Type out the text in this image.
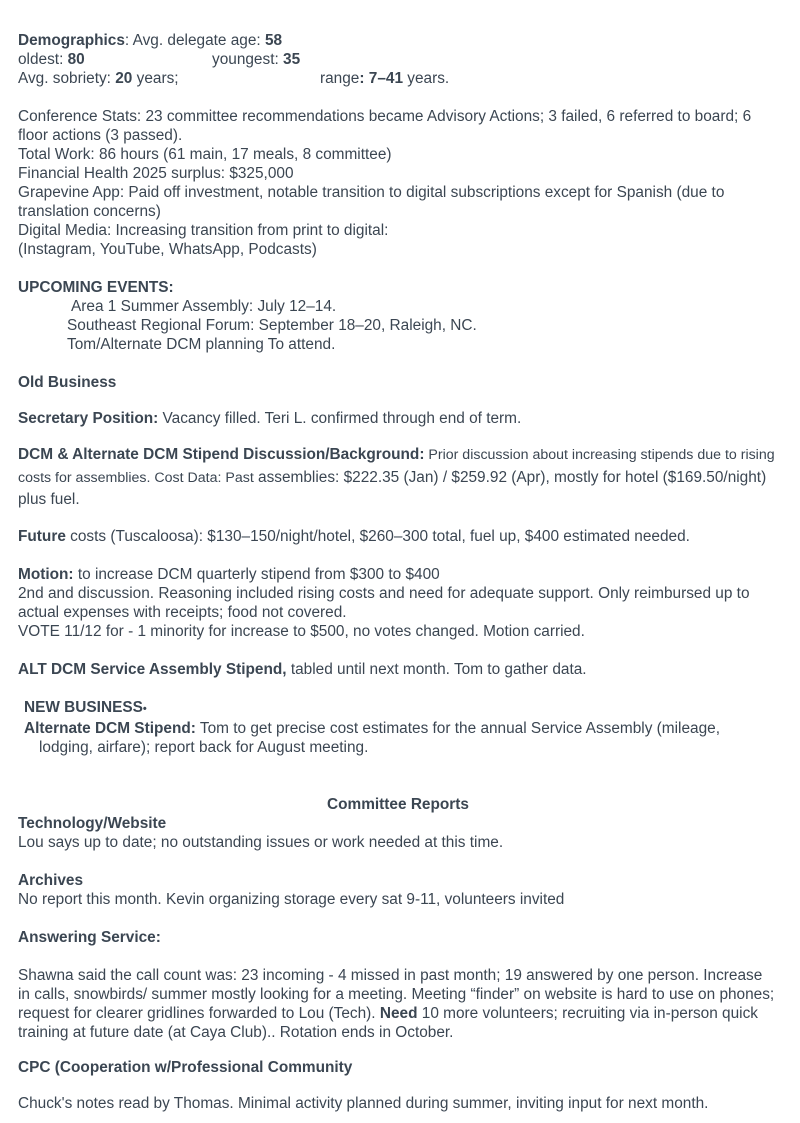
Demographics: Avg. delegate age: 58
oldest: 80	youngest: 35
Avg. sobriety: 20 years;	range: 7–41 years.
Conference Stats: 23 committee recommendations became Advisory Actions; 3 failed, 6 referred to board; 6 floor actions (3 passed).
Total Work: 86 hours (61 main, 17 meals, 8 committee)
Financial Health 2025 surplus: $325,000
Grapevine App: Paid off investment, notable transition to digital subscriptions except for Spanish (due to translation concerns)
Digital Media: Increasing transition from print to digital:
(Instagram, YouTube, WhatsApp, Podcasts)
UPCOMING EVENTS:
Area 1 Summer Assembly: July 12–14.
Southeast Regional Forum: September 18–20, Raleigh, NC.
Tom/Alternate DCM planning To attend.
Old Business
Secretary Position: Vacancy filled. Teri L. confirmed through end of term.
DCM & Alternate DCM Stipend Discussion/Background: Prior discussion about increasing stipends due to rising costs for assemblies. Cost Data: Past assemblies: $222.35 (Jan) / $259.92 (Apr), mostly for hotel ($169.50/night) plus fuel.
Future costs (Tuscaloosa): $130–150/night/hotel, $260–300 total, fuel up, $400 estimated needed.
Motion: to increase DCM quarterly stipend from $300 to $400
2nd and discussion. Reasoning included rising costs and need for adequate support. Only reimbursed up to actual expenses with receipts; food not covered.
VOTE 11/12 for - 1 minority for increase to $500, no votes changed. Motion carried.
ALT DCM Service Assembly Stipend, tabled until next month. Tom to gather data.
NEW BUSINESS•
Alternate DCM Stipend: Tom to get precise cost estimates for the annual Service Assembly (mileage,
lodging, airfare); report back for August meeting.
Committee Reports
Technology/Website
Lou says up to date; no outstanding issues or work needed at this time.
Archives
No report this month. Kevin organizing storage every sat 9-11, volunteers invited
Answering Service:
Shawna said the call count was: 23 incoming - 4 missed in past month; 19 answered by one person. Increase in calls, snowbirds/ summer mostly looking for a meeting. Meeting “finder” on website is hard to use on phones; request for clearer gridlines forwarded to Lou (Tech). Need 10 more volunteers; recruiting via in-person quick training at future date (at Caya Club).. Rotation ends in October.
CPC (Cooperation w/Professional Community
Chuck's notes read by Thomas. Minimal activity planned during summer, inviting input for next month.
